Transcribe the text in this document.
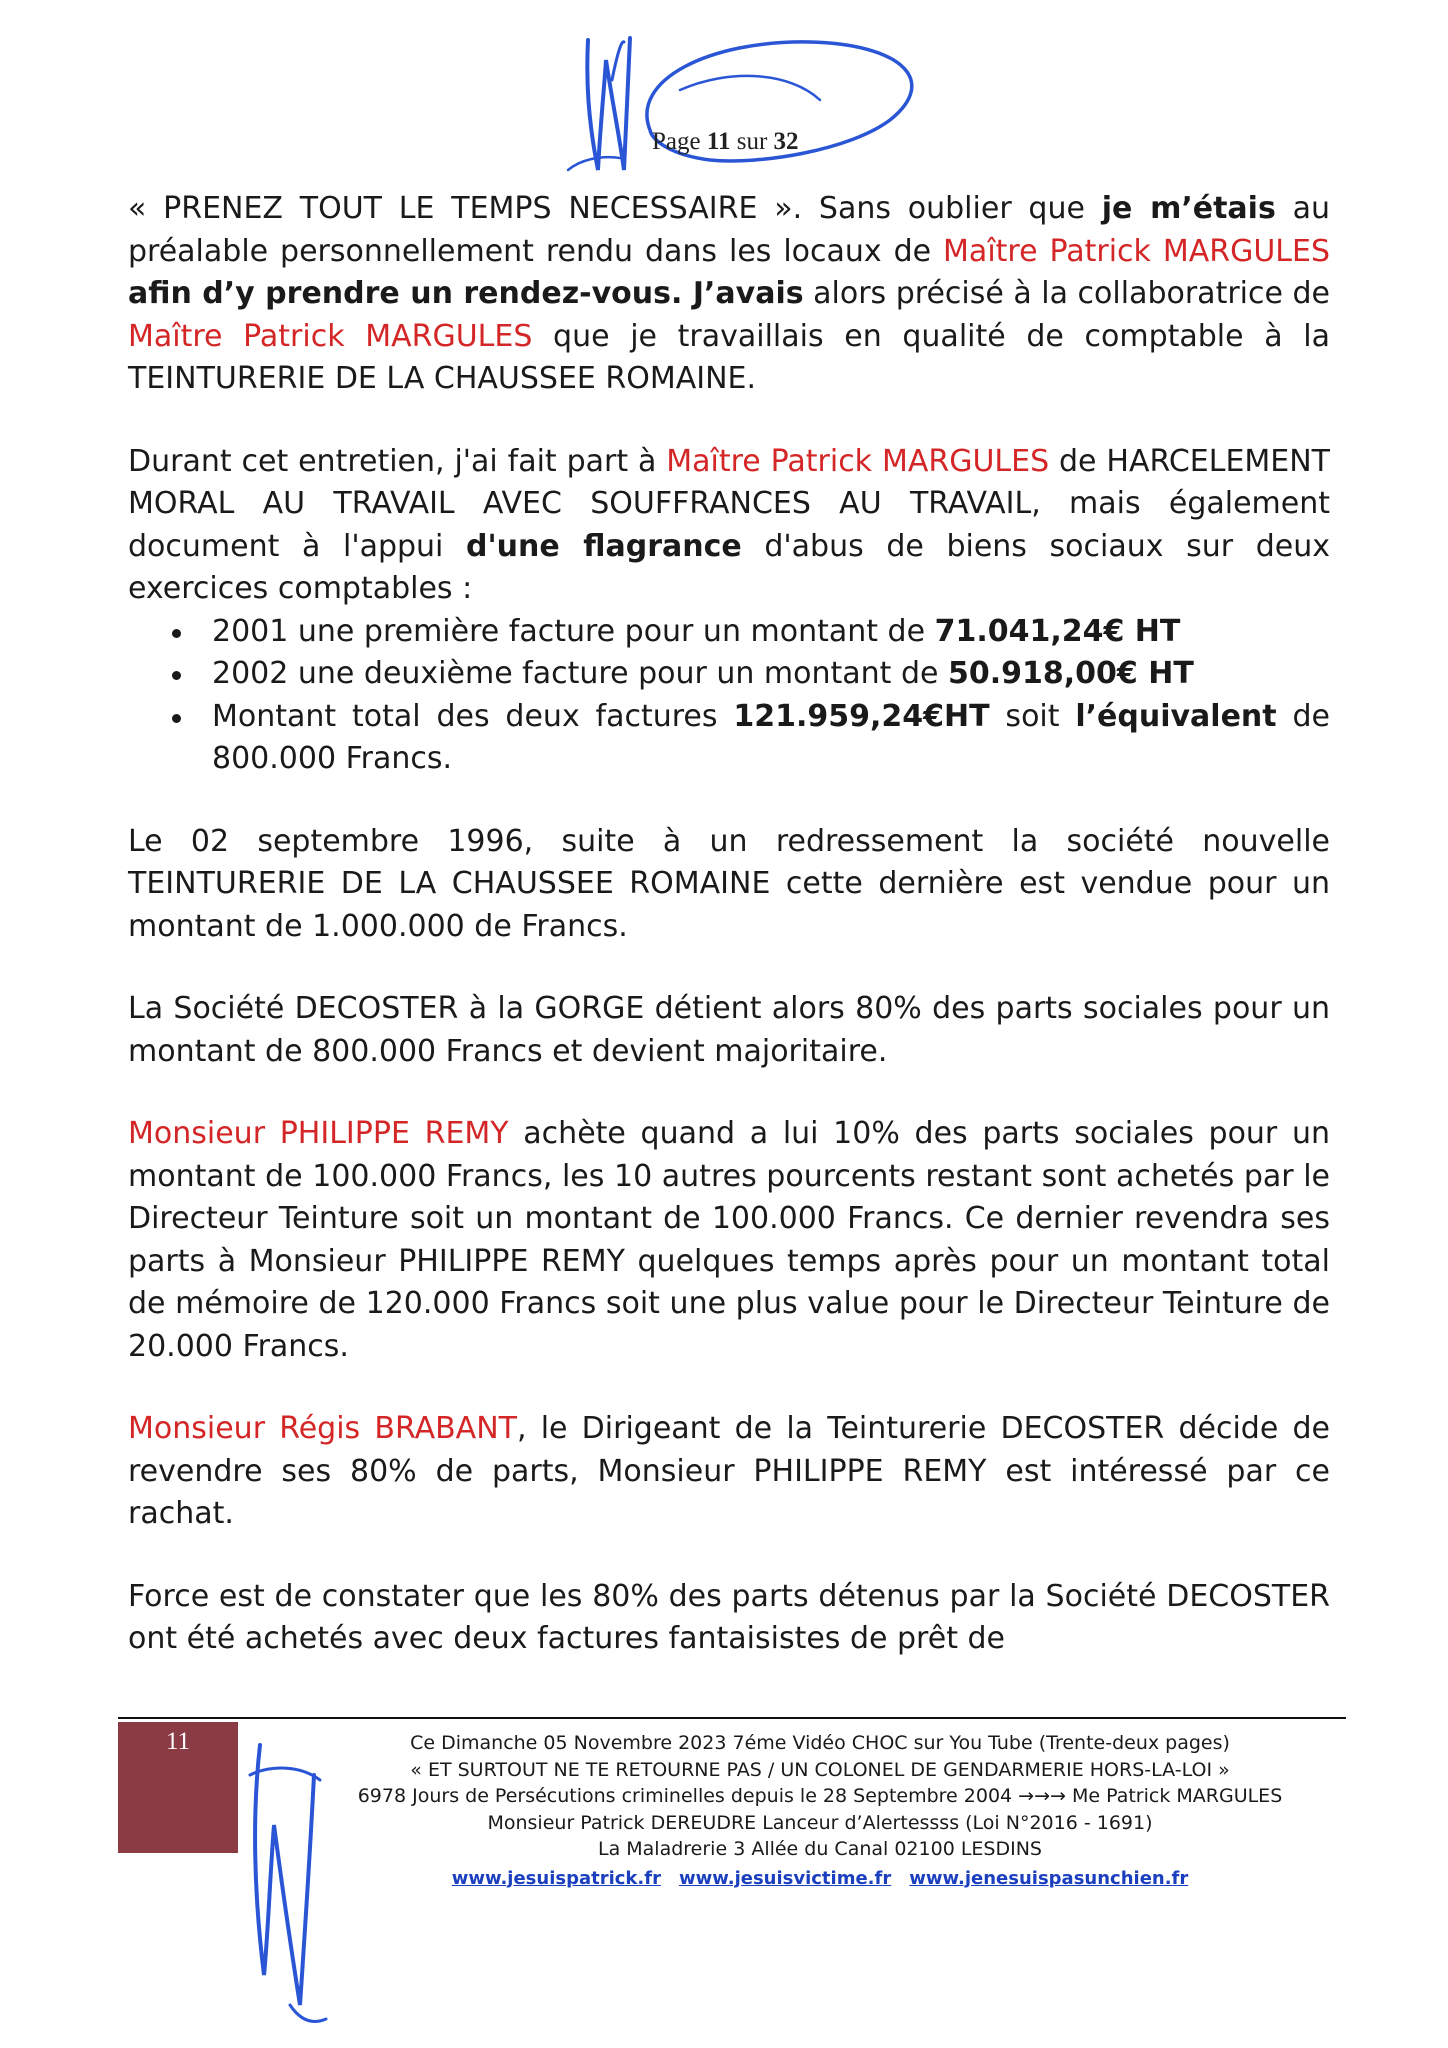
Page 11 sur 32

« PRENEZ TOUT LE TEMPS NECESSAIRE ». Sans oublier que je m’étais au préalable personnellement rendu dans les locaux de Maître Patrick MARGULES afin d’y prendre un rendez-vous. J’avais alors précisé à la collaboratrice de Maître Patrick MARGULES que je travaillais en qualité de comptable à la TEINTURERIE DE LA CHAUSSEE ROMAINE.

Durant cet entretien, j'ai fait part à Maître Patrick MARGULES de HARCELEMENT MORAL AU TRAVAIL AVEC SOUFFRANCES AU TRAVAIL, mais également document à l'appui d'une flagrance d'abus de biens sociaux sur deux exercices comptables :

2001 une première facture pour un montant de 71.041,24€ HT
2002 une deuxième facture pour un montant de 50.918,00€ HT
Montant total des deux factures 121.959,24€HT soit l’équivalent de 800.000 Francs.

Le 02 septembre 1996, suite à un redressement la société nouvelle TEINTURERIE DE LA CHAUSSEE ROMAINE cette dernière est vendue pour un montant de 1.000.000 de Francs.

La Société DECOSTER à la GORGE détient alors 80% des parts sociales pour un montant de 800.000 Francs et devient majoritaire.

Monsieur PHILIPPE REMY achète quand a lui 10% des parts sociales pour un montant de 100.000 Francs, les 10 autres pourcents restant sont achetés par le Directeur Teinture soit un montant de 100.000 Francs. Ce dernier revendra ses parts à Monsieur PHILIPPE REMY quelques temps après pour un montant total de mémoire de 120.000 Francs soit une plus value pour le Directeur Teinture de 20.000 Francs.

Monsieur Régis BRABANT, le Dirigeant de la Teinturerie DECOSTER décide de revendre ses 80% de parts, Monsieur PHILIPPE REMY est intéressé par ce rachat.

Force est de constater que les 80% des parts détenus par la Société DECOSTER ont été achetés avec deux factures fantaisistes de prêt de

11	Ce Dimanche 05 Novembre 2023 7éme Vidéo CHOC sur You Tube (Trente-deux pages)
« ET SURTOUT NE TE RETOURNE PAS / UN COLONEL DE GENDARMERIE HORS-LA-LOI »
6978 Jours de Persécutions criminelles depuis le 28 Septembre 2004 →→→ Me Patrick MARGULES
Monsieur Patrick DEREUDRE Lanceur d’Alertessss (Loi N°2016 - 1691)
La Maladrerie 3 Allée du Canal 02100 LESDINS
www.jesuispatrick.fr www.jesuisvictime.fr www.jenesuispasunchien.fr
